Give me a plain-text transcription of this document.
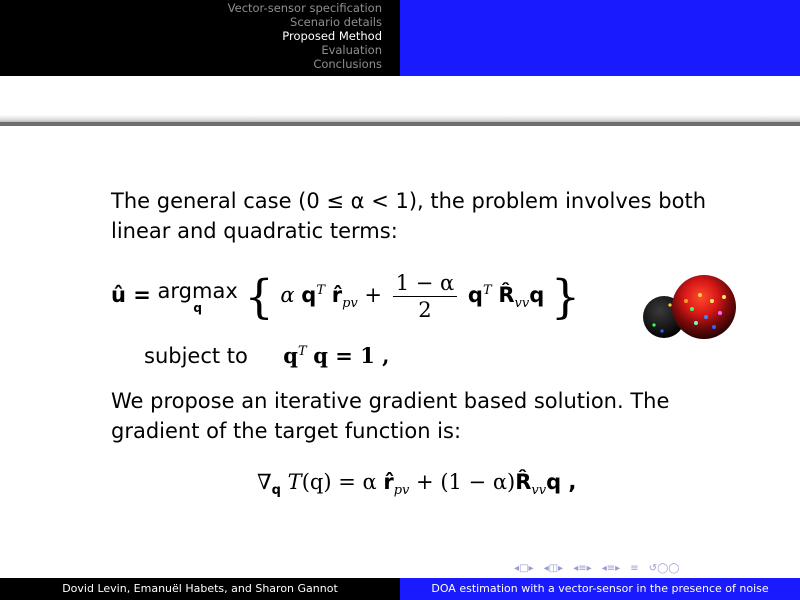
Vector-sensor specification
Scenario details
Proposed Method
Evaluation
Conclusions
The general case (0 ≤ α < 1), the problem involves both linear and quadratic terms:
û = argmax
q { α $q^T$ $r̂_{pv} + \frac{1 - \alpha}{2} q^T$ $R̂_{vv}q$ }
subject to $q^T$ q = 1 ,
We propose an iterative gradient based solution. The gradient of the target function is:
$\nabla_q$ T(q) = α $r̂_{pv} + (1$ − $\alpha)R̂_{vv}q$ ,
◂□▸ ◂◫▸ ◂≡▸ ◂≡▸ ≡ ↺◯◯
Dovid Levin, Emanuël Habets, and Sharon Gannot	DOA estimation with a vector-sensor in the presence of noise
